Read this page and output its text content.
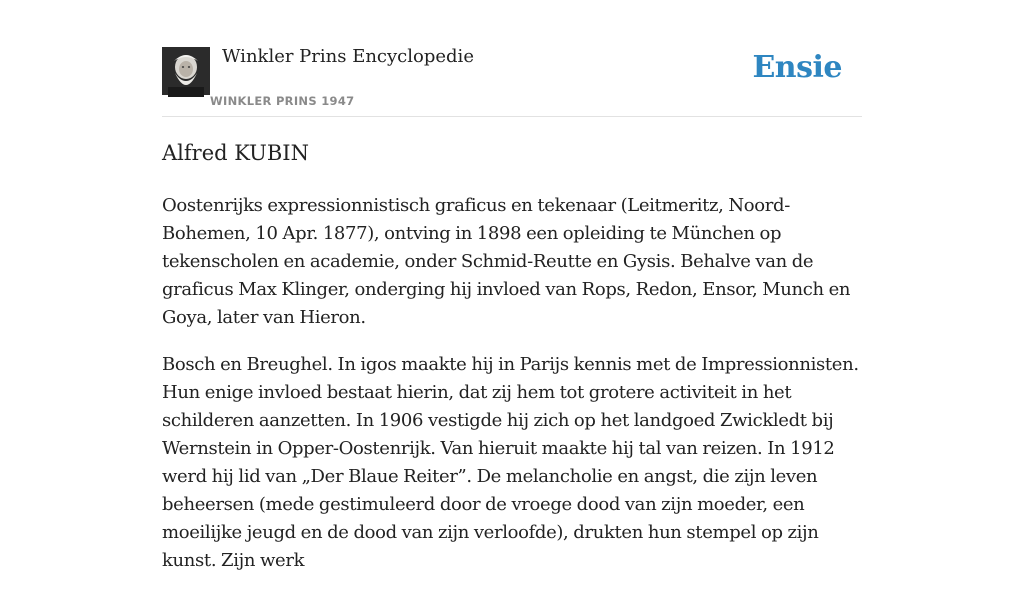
Winkler Prins Encyclopedie
WINKLER PRINS 1947
Ensie
Alfred KUBIN

Oostenrijks expressionnistisch graficus en tekenaar (Leitmeritz, Noord-Bohemen, 10 Apr. 1877), ontving in 1898 een opleiding te München op tekenscholen en academie, onder Schmid-Reutte en Gysis. Behalve van de graficus Max Klinger, onderging hij invloed van Rops, Redon, Ensor, Munch en Goya, later van Hieron.

Bosch en Breughel. In igos maakte hij in Parijs kennis met de Impressionnisten. Hun enige invloed bestaat hierin, dat zij hem tot grotere activiteit in het schilderen aanzetten. In 1906 vestigde hij zich op het landgoed Zwickledt bij Wernstein in Opper-Oostenrijk. Van hieruit maakte hij tal van reizen. In 1912 werd hij lid van „Der Blaue Reiter”. De melancholie en angst, die zijn leven beheersen (mede gestimuleerd door de vroege dood van zijn moeder, een moeilijke jeugd en de dood van zijn verloofde), drukten hun stempel op zijn kunst. Zijn werk
